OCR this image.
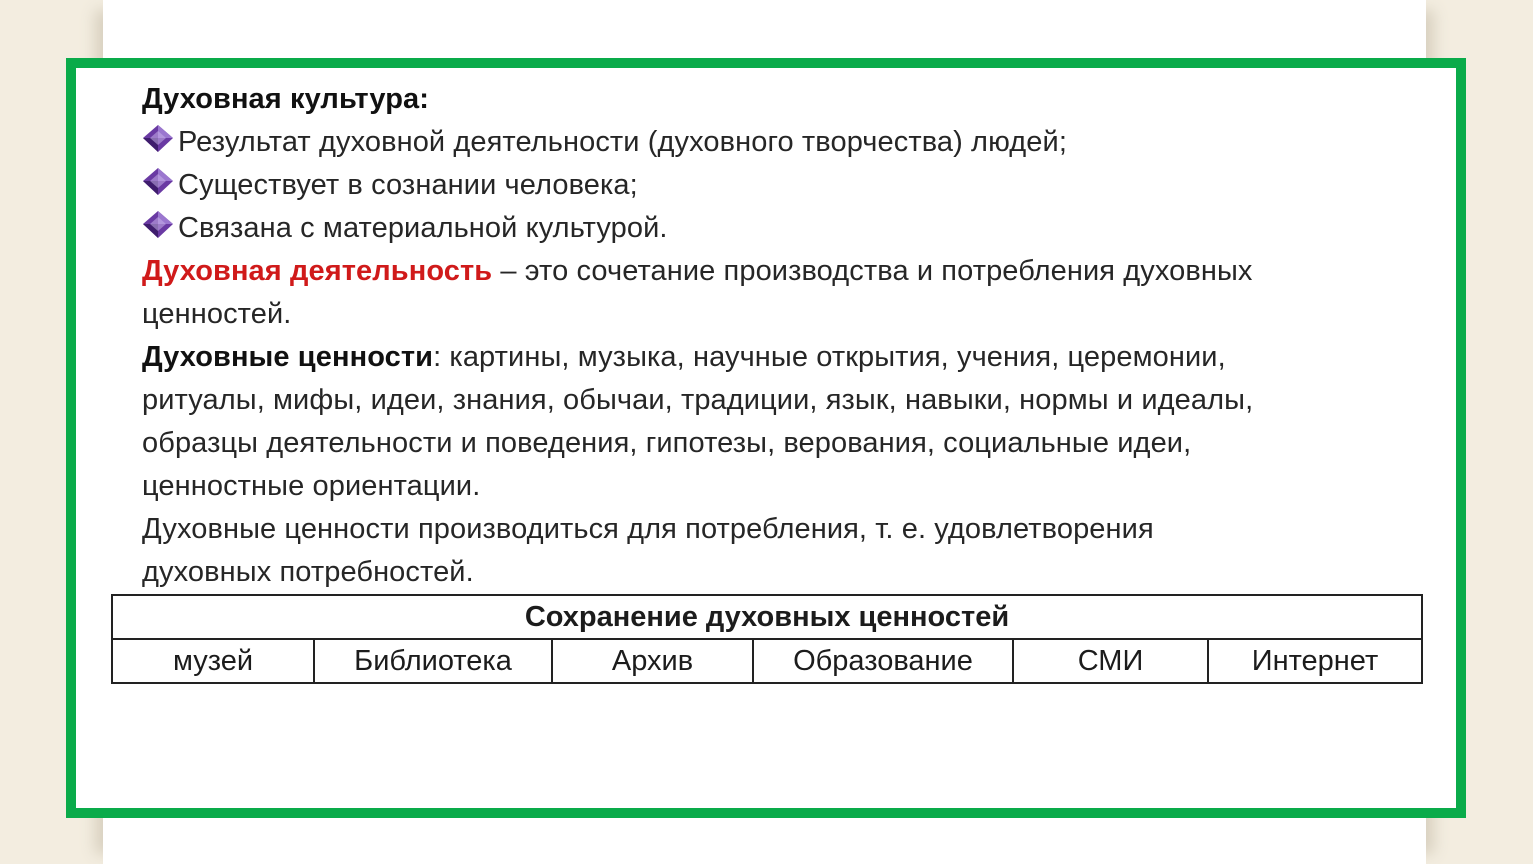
Духовная культура:
Результат духовной деятельности (духовного творчества) людей;
Существует в сознании человека;
Связана с материальной культурой.
Духовная деятельность – это сочетание производства и потребления духовных
ценностей.
Духовные ценности: картины, музыка, научные открытия, учения, церемонии,
ритуалы, мифы, идеи, знания, обычаи, традиции, язык, навыки, нормы и идеалы,
образцы деятельности и поведения, гипотезы, верования, социальные идеи,
ценностные ориентации.
Духовные ценности производиться для потребления, т. е. удовлетворения
духовных потребностей.
Сохранение духовных ценностей
музей	Библиотека	Архив	Образование	СМИ	Интернет
